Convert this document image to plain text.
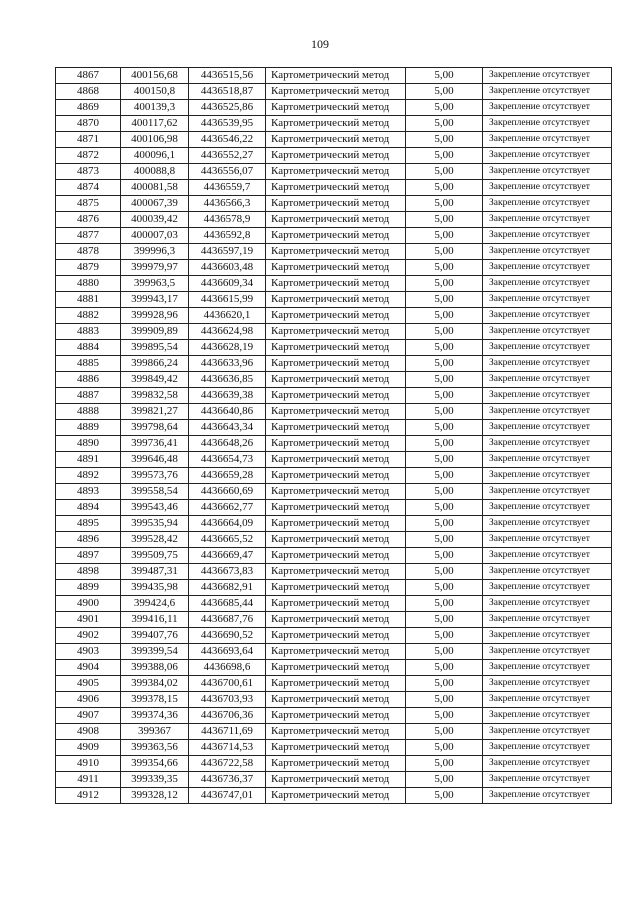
109
4867	400156,68	4436515,56	Картометрический метод	5,00	Закрепление отсутствует
4868	400150,8	4436518,87	Картометрический метод	5,00	Закрепление отсутствует
4869	400139,3	4436525,86	Картометрический метод	5,00	Закрепление отсутствует
4870	400117,62	4436539,95	Картометрический метод	5,00	Закрепление отсутствует
4871	400106,98	4436546,22	Картометрический метод	5,00	Закрепление отсутствует
4872	400096,1	4436552,27	Картометрический метод	5,00	Закрепление отсутствует
4873	400088,8	4436556,07	Картометрический метод	5,00	Закрепление отсутствует
4874	400081,58	4436559,7	Картометрический метод	5,00	Закрепление отсутствует
4875	400067,39	4436566,3	Картометрический метод	5,00	Закрепление отсутствует
4876	400039,42	4436578,9	Картометрический метод	5,00	Закрепление отсутствует
4877	400007,03	4436592,8	Картометрический метод	5,00	Закрепление отсутствует
4878	399996,3	4436597,19	Картометрический метод	5,00	Закрепление отсутствует
4879	399979,97	4436603,48	Картометрический метод	5,00	Закрепление отсутствует
4880	399963,5	4436609,34	Картометрический метод	5,00	Закрепление отсутствует
4881	399943,17	4436615,99	Картометрический метод	5,00	Закрепление отсутствует
4882	399928,96	4436620,1	Картометрический метод	5,00	Закрепление отсутствует
4883	399909,89	4436624,98	Картометрический метод	5,00	Закрепление отсутствует
4884	399895,54	4436628,19	Картометрический метод	5,00	Закрепление отсутствует
4885	399866,24	4436633,96	Картометрический метод	5,00	Закрепление отсутствует
4886	399849,42	4436636,85	Картометрический метод	5,00	Закрепление отсутствует
4887	399832,58	4436639,38	Картометрический метод	5,00	Закрепление отсутствует
4888	399821,27	4436640,86	Картометрический метод	5,00	Закрепление отсутствует
4889	399798,64	4436643,34	Картометрический метод	5,00	Закрепление отсутствует
4890	399736,41	4436648,26	Картометрический метод	5,00	Закрепление отсутствует
4891	399646,48	4436654,73	Картометрический метод	5,00	Закрепление отсутствует
4892	399573,76	4436659,28	Картометрический метод	5,00	Закрепление отсутствует
4893	399558,54	4436660,69	Картометрический метод	5,00	Закрепление отсутствует
4894	399543,46	4436662,77	Картометрический метод	5,00	Закрепление отсутствует
4895	399535,94	4436664,09	Картометрический метод	5,00	Закрепление отсутствует
4896	399528,42	4436665,52	Картометрический метод	5,00	Закрепление отсутствует
4897	399509,75	4436669,47	Картометрический метод	5,00	Закрепление отсутствует
4898	399487,31	4436673,83	Картометрический метод	5,00	Закрепление отсутствует
4899	399435,98	4436682,91	Картометрический метод	5,00	Закрепление отсутствует
4900	399424,6	4436685,44	Картометрический метод	5,00	Закрепление отсутствует
4901	399416,11	4436687,76	Картометрический метод	5,00	Закрепление отсутствует
4902	399407,76	4436690,52	Картометрический метод	5,00	Закрепление отсутствует
4903	399399,54	4436693,64	Картометрический метод	5,00	Закрепление отсутствует
4904	399388,06	4436698,6	Картометрический метод	5,00	Закрепление отсутствует
4905	399384,02	4436700,61	Картометрический метод	5,00	Закрепление отсутствует
4906	399378,15	4436703,93	Картометрический метод	5,00	Закрепление отсутствует
4907	399374,36	4436706,36	Картометрический метод	5,00	Закрепление отсутствует
4908	399367	4436711,69	Картометрический метод	5,00	Закрепление отсутствует
4909	399363,56	4436714,53	Картометрический метод	5,00	Закрепление отсутствует
4910	399354,66	4436722,58	Картометрический метод	5,00	Закрепление отсутствует
4911	399339,35	4436736,37	Картометрический метод	5,00	Закрепление отсутствует
4912	399328,12	4436747,01	Картометрический метод	5,00	Закрепление отсутствует
